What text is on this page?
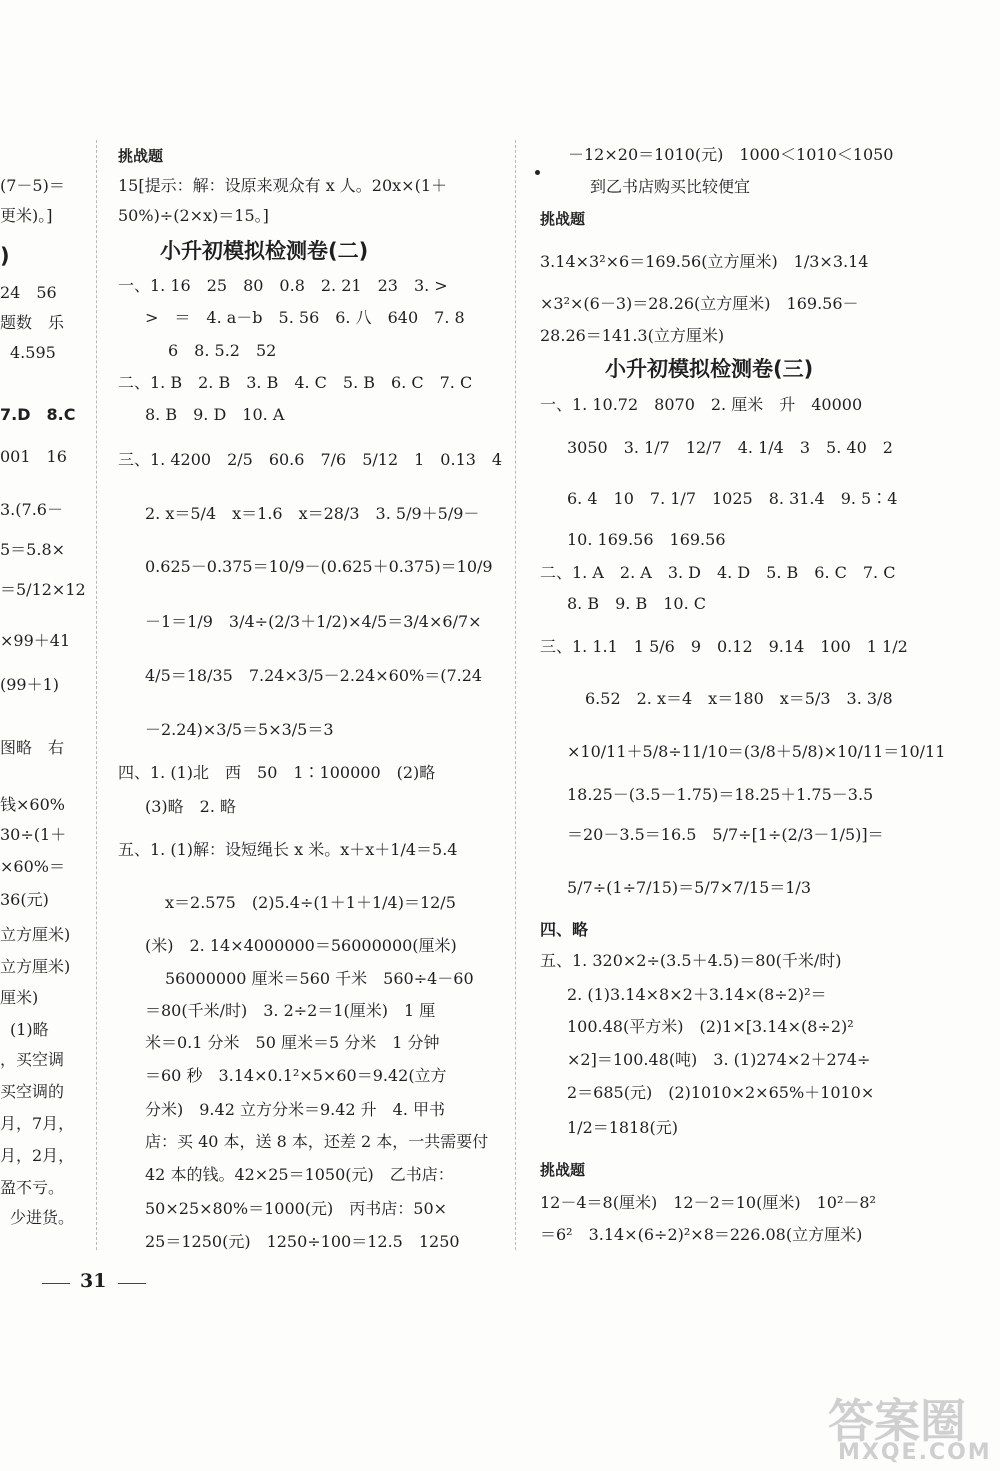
(7－5)＝
更米)。]
)
24　56
题数　乐
4.595
7.D　8.C
001　16
3.(7.6－
5＝5.8×
＝5/12×12
×99＋41
(99＋1)
图略　右
钱×60%
30÷(1＋
×60%＝
36(元)
立方厘米)
立方厘米)
厘米)
(1)略
，买空调
买空调的
月，7月，
月，2月，
盈不亏。
少进货。
挑战题
15[提示：解：设原来观众有 x 人。20x×(1＋
50%)÷(2×x)＝15。]
小升初模拟检测卷(二)
一、1. 16　25　80　0.8　2. 21　23　3. >
>　＝　4. a－b　5. 56　6. 八　640　7. 8
6　8. 5.2　52
二、1. B　2. B　3. B　4. C　5. B　6. C　7. C
8. B　9. D　10. A
三、1. 4200　2/5　60.6　7/6　5/12　1　0.13　4
2. x＝5/4　x＝1.6　x＝28/3　3. 5/9＋5/9－
0.625－0.375＝10/9－(0.625＋0.375)＝10/9
－1＝1/9　3/4÷(2/3＋1/2)×4/5＝3/4×6/7×
4/5＝18/35　7.24×3/5－2.24×60%＝(7.24
－2.24)×3/5＝5×3/5＝3
四、1. (1)北　西　50　1∶100000　(2)略
(3)略　2. 略
五、1. (1)解：设短绳长 x 米。x＋x＋1/4＝5.4
x＝2.575　(2)5.4÷(1＋1＋1/4)＝12/5
(米)　2. 14×4000000＝56000000(厘米)
56000000 厘米＝560 千米　560÷4－60
＝80(千米/时)　3. 2÷2＝1(厘米)　1 厘
米＝0.1 分米　50 厘米＝5 分米　1 分钟
＝60 秒　3.14×0.1²×5×60＝9.42(立方
分米)　9.42 立方分米＝9.42 升　4. 甲书
店：买 40 本，送 8 本，还差 2 本，一共需要付
42 本的钱。42×25＝1050(元)　乙书店：
50×25×80%＝1000(元)　丙书店：50×
25＝1250(元)　1250÷100＝12.5　1250
－12×20＝1010(元)　1000＜1010＜1050
到乙书店购买比较便宜
挑战题
3.14×3²×6＝169.56(立方厘米)　1/3×3.14
×3²×(6－3)＝28.26(立方厘米)　169.56－
28.26＝141.3(立方厘米)
小升初模拟检测卷(三)
一、1. 10.72　8070　2. 厘米　升　40000
3050　3. 1/7　12/7　4. 1/4　3　5. 40　2
6. 4　10　7. 1/7　1025　8. 31.4　9. 5∶4
10. 169.56　169.56
二、1. A　2. A　3. D　4. D　5. B　6. C　7. C
8. B　9. B　10. C
三、1. 1.1　1 5/6　9　0.12　9.14　100　1 1/2
6.52　2. x＝4　x＝180　x＝5/3　3. 3/8
×10/11＋5/8÷11/10＝(3/8＋5/8)×10/11＝10/11
18.25－(3.5－1.75)＝18.25＋1.75－3.5
＝20－3.5＝16.5　5/7÷[1÷(2/3－1/5)]＝
5/7÷(1÷7/15)＝5/7×7/15＝1/3
四、略
五、1. 320×2÷(3.5＋4.5)＝80(千米/时)
2. (1)3.14×8×2＋3.14×(8÷2)²＝
100.48(平方米)　(2)1×[3.14×(8÷2)²
×2]＝100.48(吨)　3. (1)274×2＋274÷
2＝685(元)　(2)1010×2×65%＋1010×
1/2＝1818(元)
挑战题
12－4＝8(厘米)　12－2＝10(厘米)　10²－8²
＝6²　3.14×(6÷2)²×8＝226.08(立方厘米)
31
答案圈
MXQE.COM
